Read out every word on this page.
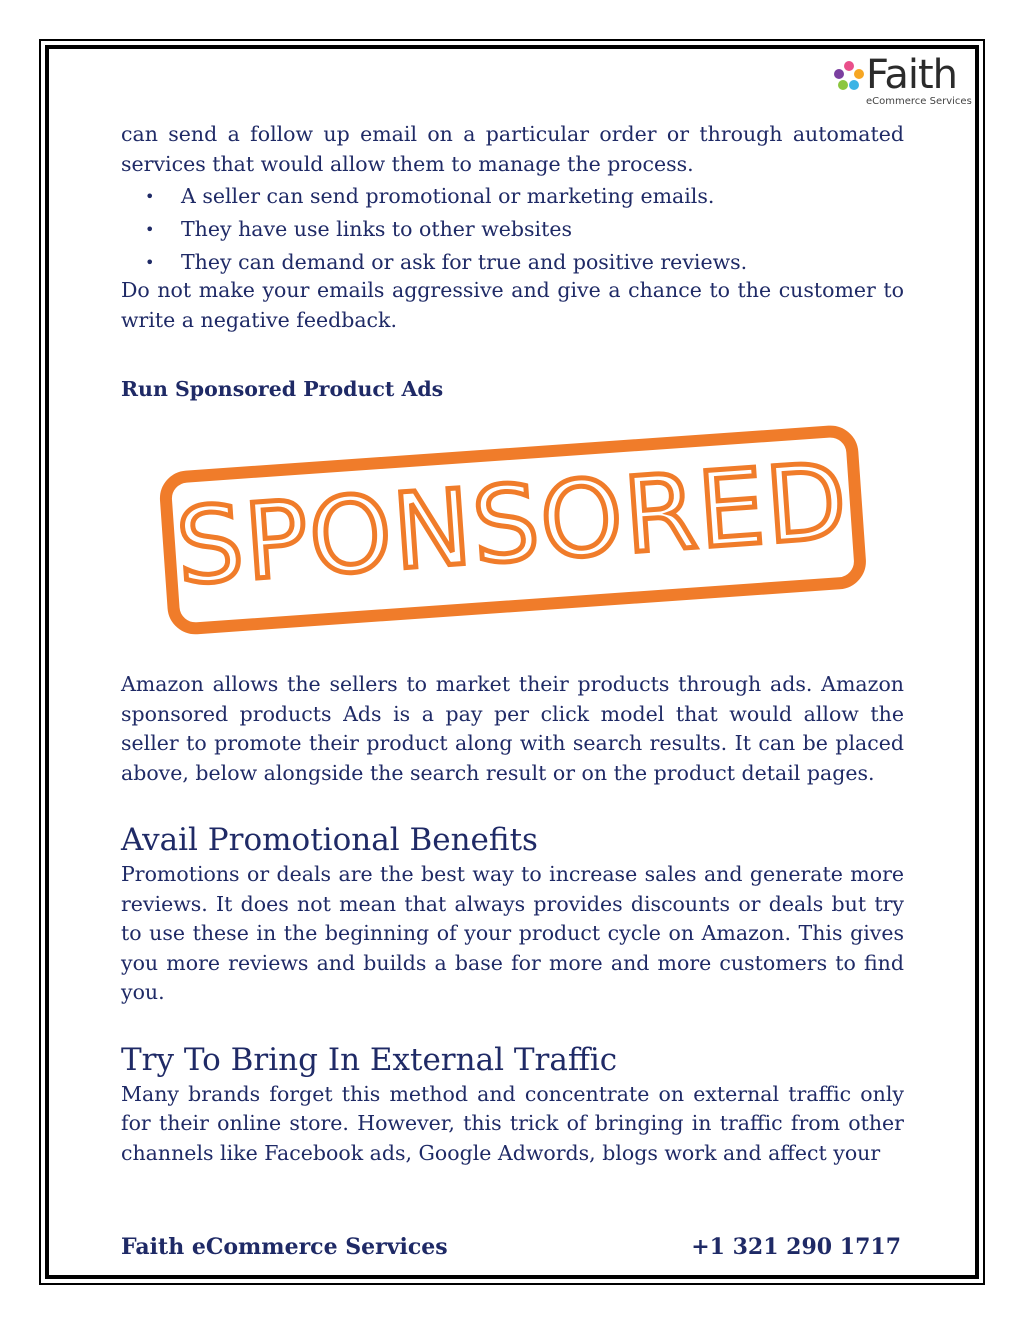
Faith
eCommerce Services

can send a follow up email on a particular order or through automated services that would allow them to manage the process.

• A seller can send promotional or marketing emails.
• They have use links to other websites
• They can demand or ask for true and positive reviews.

Do not make your emails aggressive and give a chance to the customer to write a negative feedback.

Run Sponsored Product Ads
SPONSORED

Amazon allows the sellers to market their products through ads. Amazon sponsored products Ads is a pay per click model that would allow the seller to promote their product along with search results. It can be placed above, below alongside the search result or on the product detail pages.

Avail Promotional Benefits

Promotions or deals are the best way to increase sales and generate more reviews. It does not mean that always provides discounts or deals but try to use these in the beginning of your product cycle on Amazon. This gives you more reviews and builds a base for more and more customers to find you.

Try To Bring In External Traffic

Many brands forget this method and concentrate on external traffic only for their online store. However, this trick of bringing in traffic from other channels like Facebook ads, Google Adwords, blogs work and affect your

Faith eCommerce Services	+1 321 290 1717
